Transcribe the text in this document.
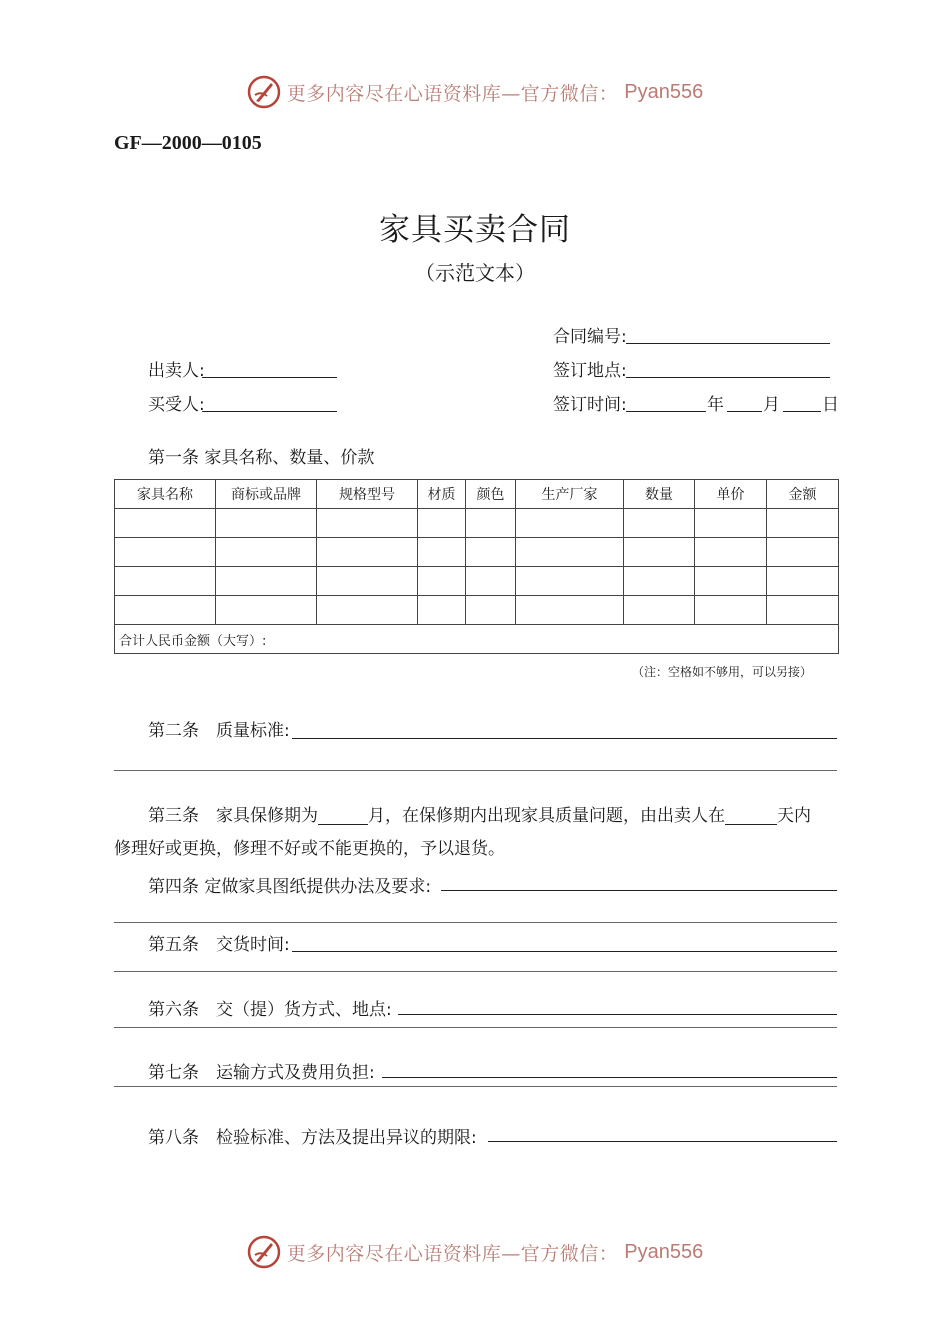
更多内容尽在心语资料库—官方微信： Pyan556
GF—2000—0105
家具买卖合同
（示范文本）
合同编号:
出卖人:	签订地点:
买受人:	签订时间:	年 月 日
第一条 家具名称、数量、价款
家具名称	商标或品牌	规格型号	材质	颜色	生产厂家	数量	单价	金额

合计人民币金额（大写）:								
（注：空格如不够用，可以另接）
第二条　质量标准:
第三条　家具保修期为	月，在保修期内出现家具质量问题，由出卖人在	天内
修理好或更换，修理不好或不能更换的，予以退货。
第四条 定做家具图纸提供办法及要求:
第五条　交货时间:
第六条　交（提）货方式、地点:
第七条　运输方式及费用负担:
第八条　检验标准、方法及提出异议的期限:
更多内容尽在心语资料库—官方微信： Pyan556
